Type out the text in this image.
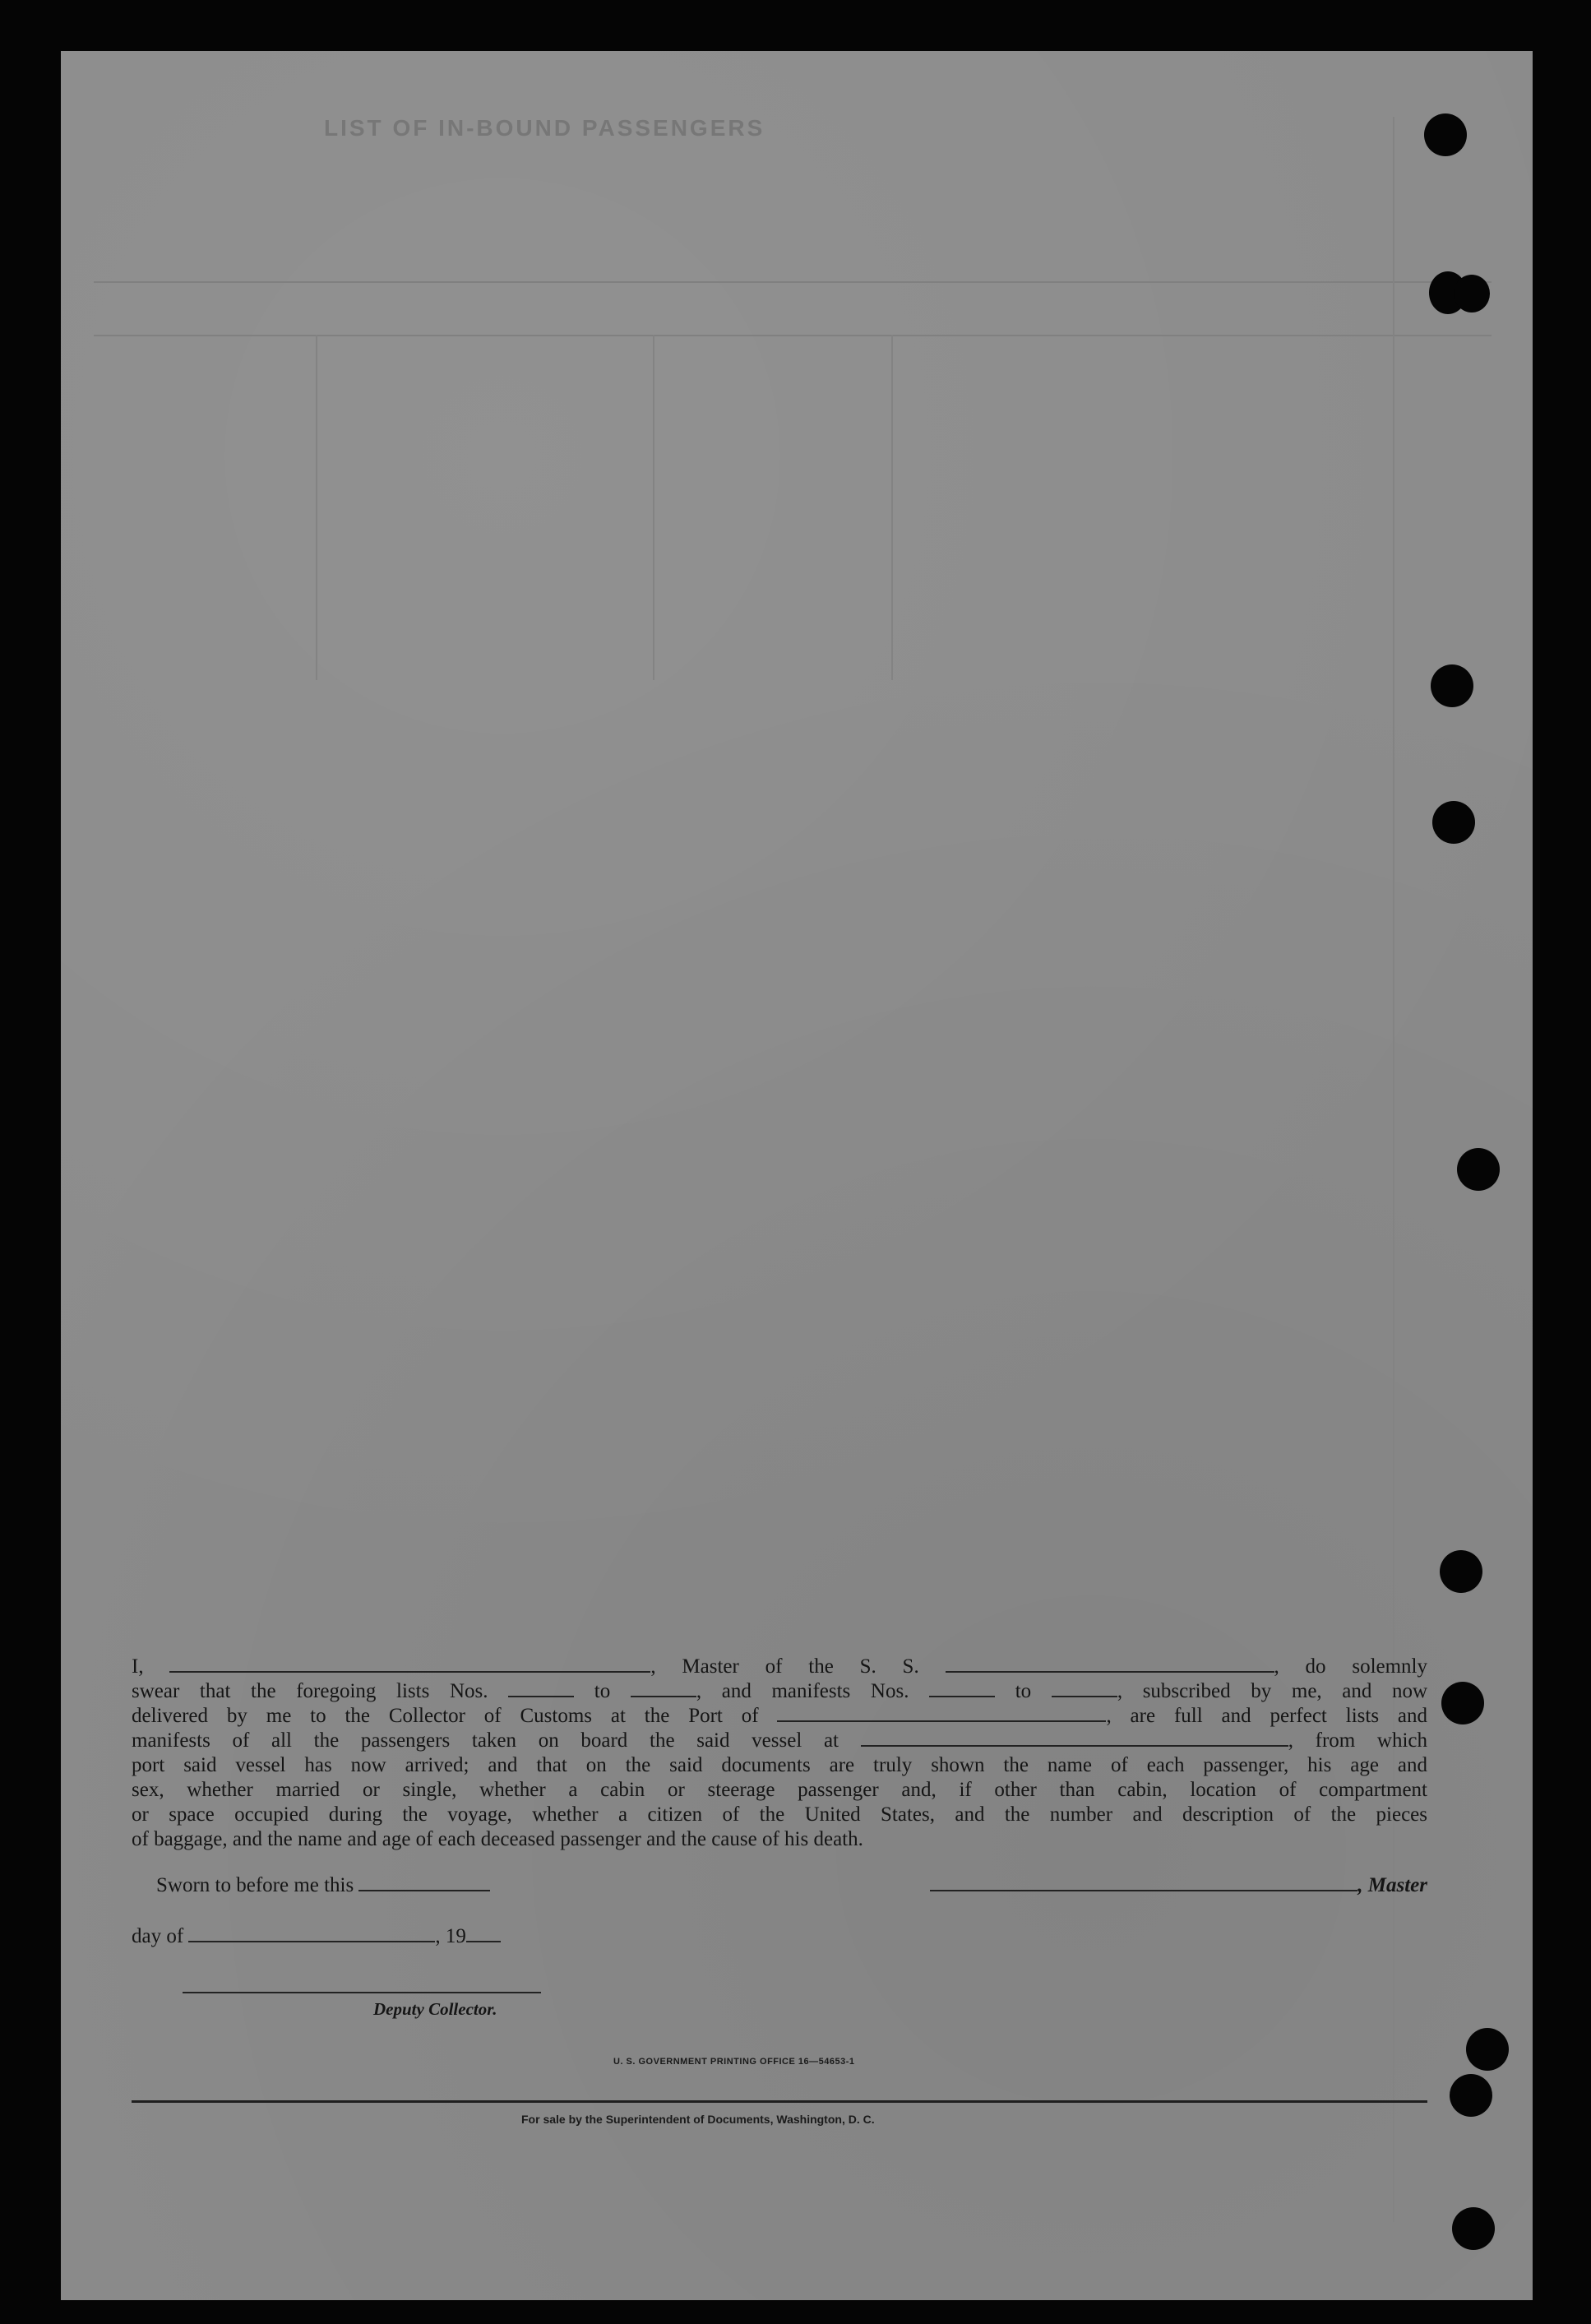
LIST OF IN-BOUND PASSENGERS

I,	, Master of the S. S.	, do solemnly

swear that the foregoing lists Nos.	to	, and manifests Nos.	to	, subscribed by me, and now

delivered by me to the Collector of Customs at the Port of	, are full and perfect lists and

manifests of all the passengers taken on board the said vessel at	, from which

port said vessel has now arrived; and that on the said documents are truly shown the name of each passenger, his age and

sex, whether married or single, whether a cabin or steerage passenger and, if other than cabin, location of compartment

or space occupied during the voyage, whether a citizen of the United States, and the number and description of the pieces

of baggage, and the name and age of each deceased passenger and the cause of his death.

Sworn to before me this	, Master
day of	, 19
Deputy Collector.
U. S. GOVERNMENT PRINTING OFFICE 16—54653-1
For sale by the Superintendent of Documents, Washington, D. C.
